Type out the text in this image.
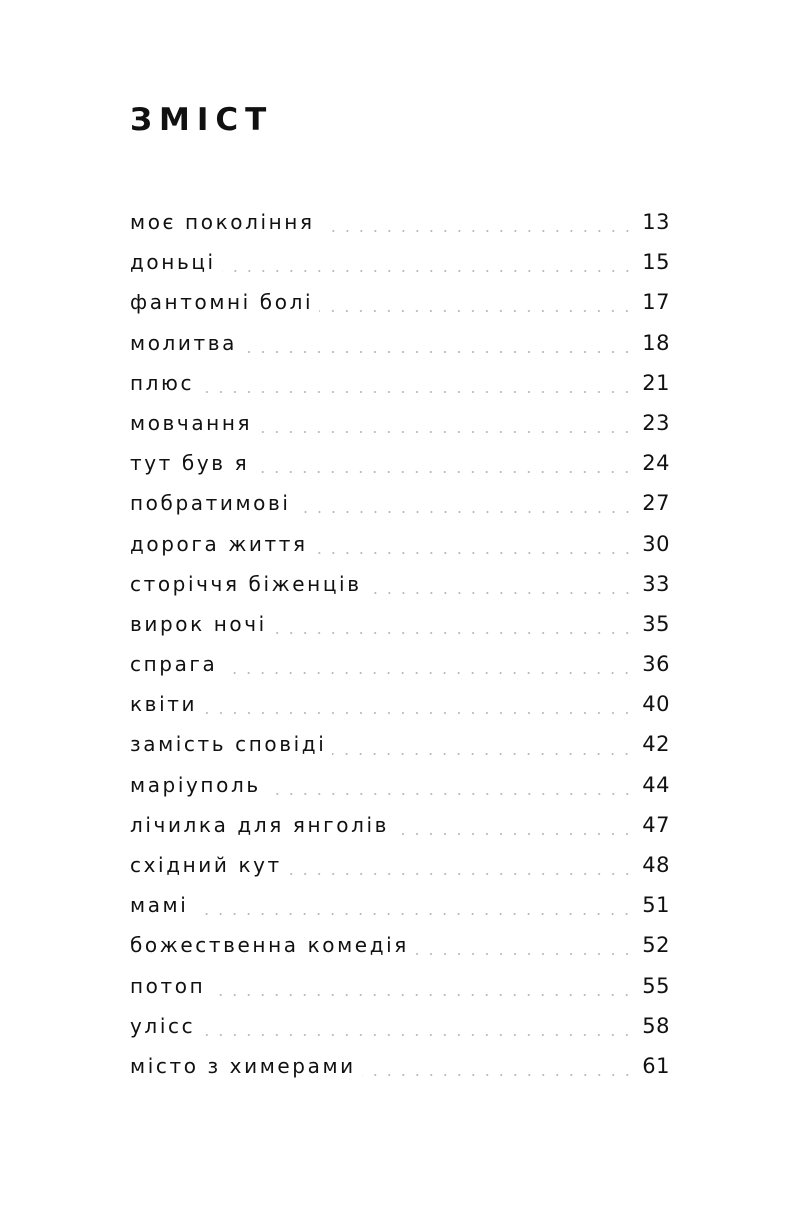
ЗМІСТ
моє покоління	13
доньці	15
фантомні болі	17
молитва	18
плюс	21
мовчання	23
тут був я	24
побратимові	27
дорога життя	30
сторіччя біженців	33
вирок ночі	35
спрага	36
квіти	40
замість сповіді	42
маріуполь	44
лічилка для янголів	47
східний кут	48
мамі	51
божественна комедія	52
потоп	55
улісс	58
місто з химерами	61
